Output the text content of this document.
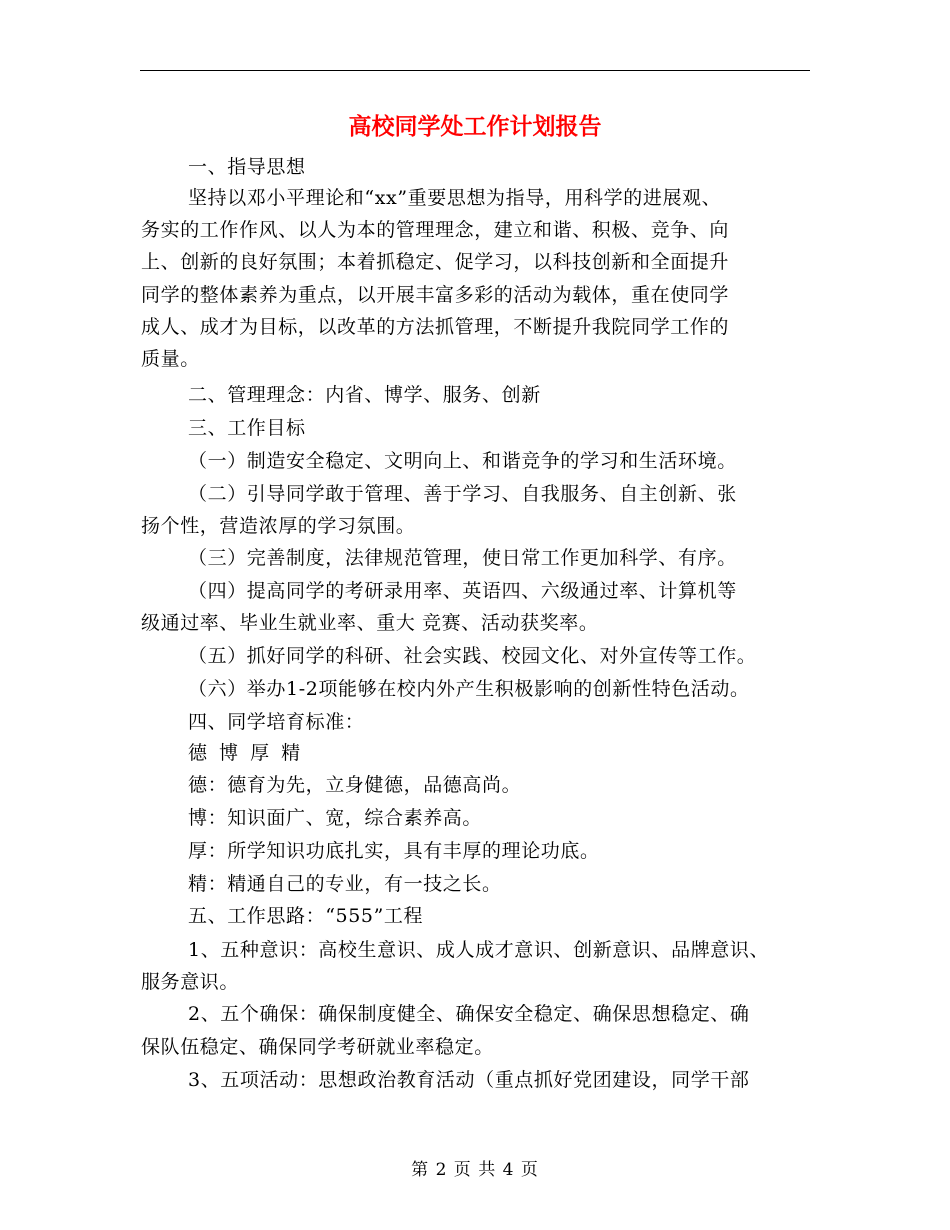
高校同学处工作计划报告
一、指导思想
坚持以邓小平理论和“xx”重要思想为指导，用科学的进展观、
务实的工作作风、以人为本的管理理念，建立和谐、积极、竞争、向
上、创新的良好氛围；本着抓稳定、促学习，以科技创新和全面提升
同学的整体素养为重点，以开展丰富多彩的活动为载体，重在使同学
成人、成才为目标，以改革的方法抓管理，不断提升我院同学工作的
质量。
二、管理理念：内省、博学、服务、创新
三、工作目标
（一）制造安全稳定、文明向上、和谐竞争的学习和生活环境。
（二）引导同学敢于管理、善于学习、自我服务、自主创新、张
扬个性，营造浓厚的学习氛围。
（三）完善制度，法律规范管理，使日常工作更加科学、有序。
（四）提高同学的考研录用率、英语四、六级通过率、计算机等
级通过率、毕业生就业率、重大 竞赛、活动获奖率。
（五）抓好同学的科研、社会实践、校园文化、对外宣传等工作。
（六）举办1-2项能够在校内外产生积极影响的创新性特色活动。
四、同学培育标准：
德 博 厚 精
德：德育为先，立身健德，品德高尚。
博：知识面广、宽，综合素养高。
厚：所学知识功底扎实，具有丰厚的理论功底。
精：精通自己的专业，有一技之长。
五、工作思路：“555”工程
1、五种意识：高校生意识、成人成才意识、创新意识、品牌意识、
服务意识。
2、五个确保：确保制度健全、确保安全稳定、确保思想稳定、确
保队伍稳定、确保同学考研就业率稳定。
3、五项活动：思想政治教育活动（重点抓好党团建设，同学干部
第 2 页 共 4 页
